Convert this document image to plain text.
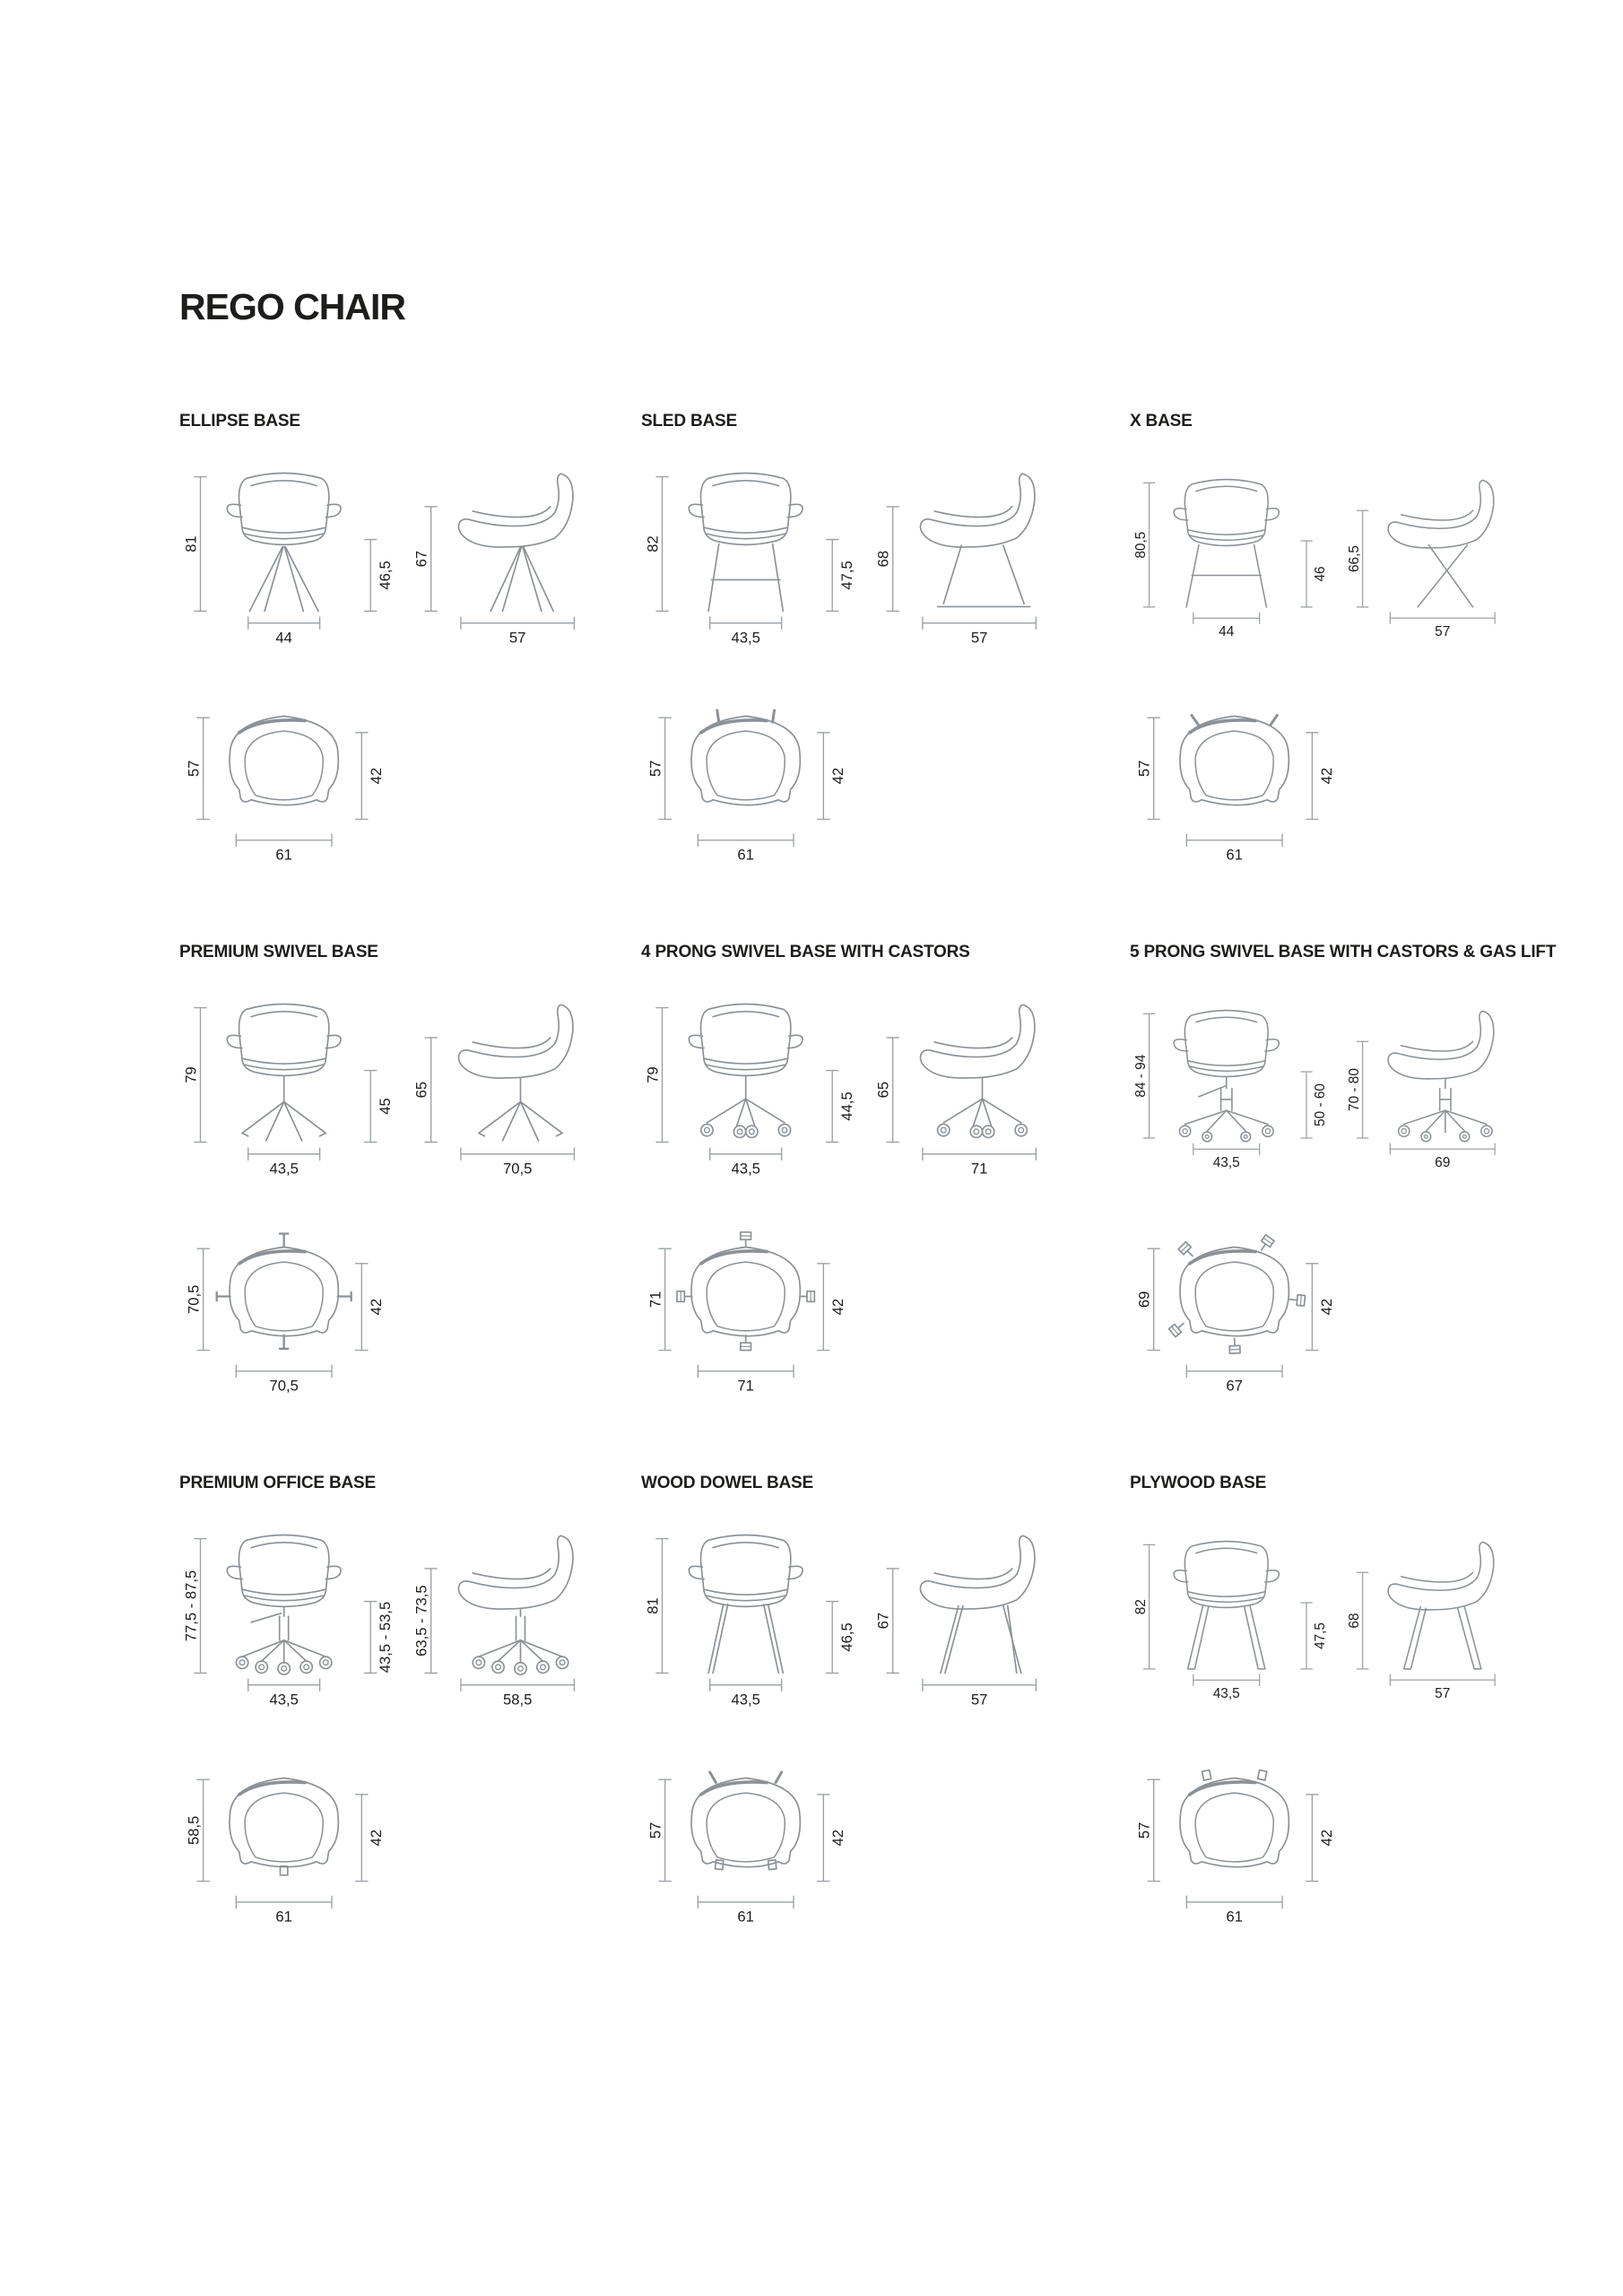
REGO CHAIR
ELLIPSE BASE
81
46,5
44
67
57
57	42
61
SLED BASE
82
47,5
43,5
68
57
57	42
61
X BASE
80,5
46
44
66,5
57
57	42
61
PREMIUM SWIVEL BASE
79
45
43,5
65
70,5
70,5	42
70,5
4 PRONG SWIVEL BASE WITH CASTORS
79
44,5
43,5
65
71
71	42
71
5 PRONG SWIVEL BASE WITH CASTORS & GAS LIFT
84 - 94
50 - 60
43,5
70 - 80
69
69	42
67
PREMIUM OFFICE BASE
77,5 - 87,5	43,5 - 53,5
43,5
63,5 - 73,5
58,5
58,5	42
61
WOOD DOWEL BASE
81
46,5
43,5
67
57
57	42
61
PLYWOOD BASE
82
47,5
43,5
68
57
57	42
61
